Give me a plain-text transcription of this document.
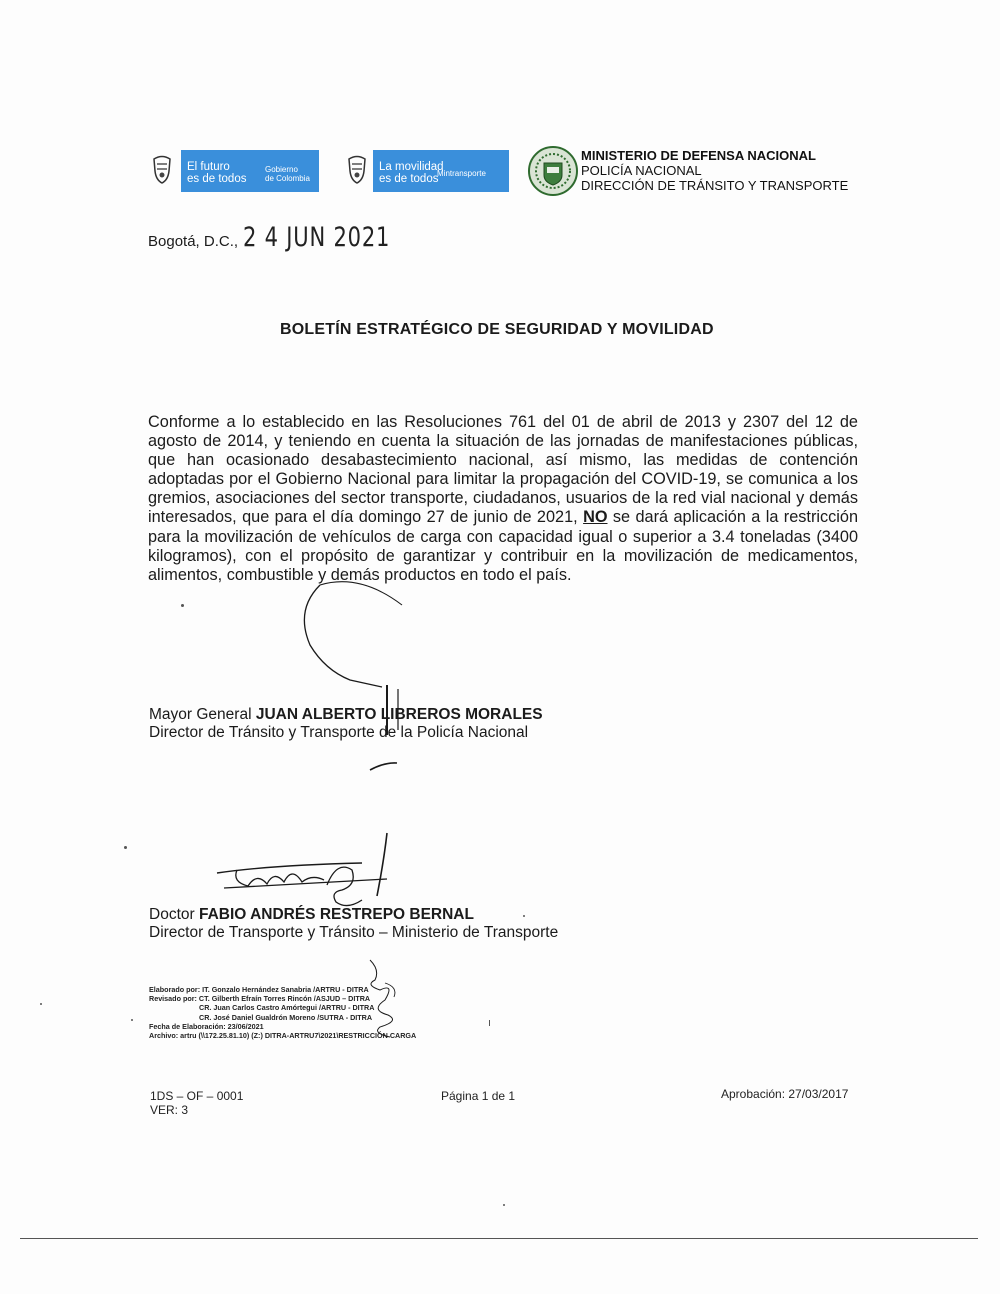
El futuro
es de todos
Gobierno
de Colombia
La movilidad
es de todos
Mintransporte
MINISTERIO DE DEFENSA NACIONAL
POLICÍA NACIONAL
DIRECCIÓN DE TRÁNSITO Y TRANSPORTE
Bogotá, D.C., 2 4 JUN 2021
BOLETÍN ESTRATÉGICO DE SEGURIDAD Y MOVILIDAD
Conforme a lo establecido en las Resoluciones 761 del 01 de abril de 2013 y 2307 del 12 de agosto de 2014, y teniendo en cuenta la situación de las jornadas de manifestaciones públicas, que han ocasionado desabastecimiento nacional, así mismo, las medidas de contención adoptadas por el Gobierno Nacional para limitar la propagación del COVID-19, se comunica a los gremios, asociaciones del sector transporte, ciudadanos, usuarios de la red vial nacional y demás interesados, que para el día domingo 27 de junio de 2021, NO se dará aplicación a la restricción para la movilización de vehículos de carga con capacidad igual o superior a 3.4 toneladas (3400 kilogramos), con el propósito de garantizar y contribuir en la movilización de medicamentos, alimentos, combustible y demás productos en todo el país.
Mayor General JUAN ALBERTO LIBREROS MORALES
Director de Tránsito y Transporte de la Policía Nacional
Doctor FABIO ANDRÉS RESTREPO BERNAL
Director de Transporte y Tránsito – Ministerio de Transporte
Elaborado por: IT. Gonzalo Hernández Sanabria /ARTRU - DITRA
Revisado por: CT. Gilberth Efraín Torres Rincón /ASJUD – DITRA
CR. Juan Carlos Castro Amórtegui /ARTRU - DITRA
CR. José Daniel Gualdrón Moreno /SUTRA - DITRA
Fecha de Elaboración: 23/06/2021
Archivo: artru (\\172.25.81.10) (Z:) DITRA-ARTRU7\2021\RESTRICCIÓN CARGA
1DS – OF – 0001
VER: 3
Página 1 de 1	Aprobación: 27/03/2017
